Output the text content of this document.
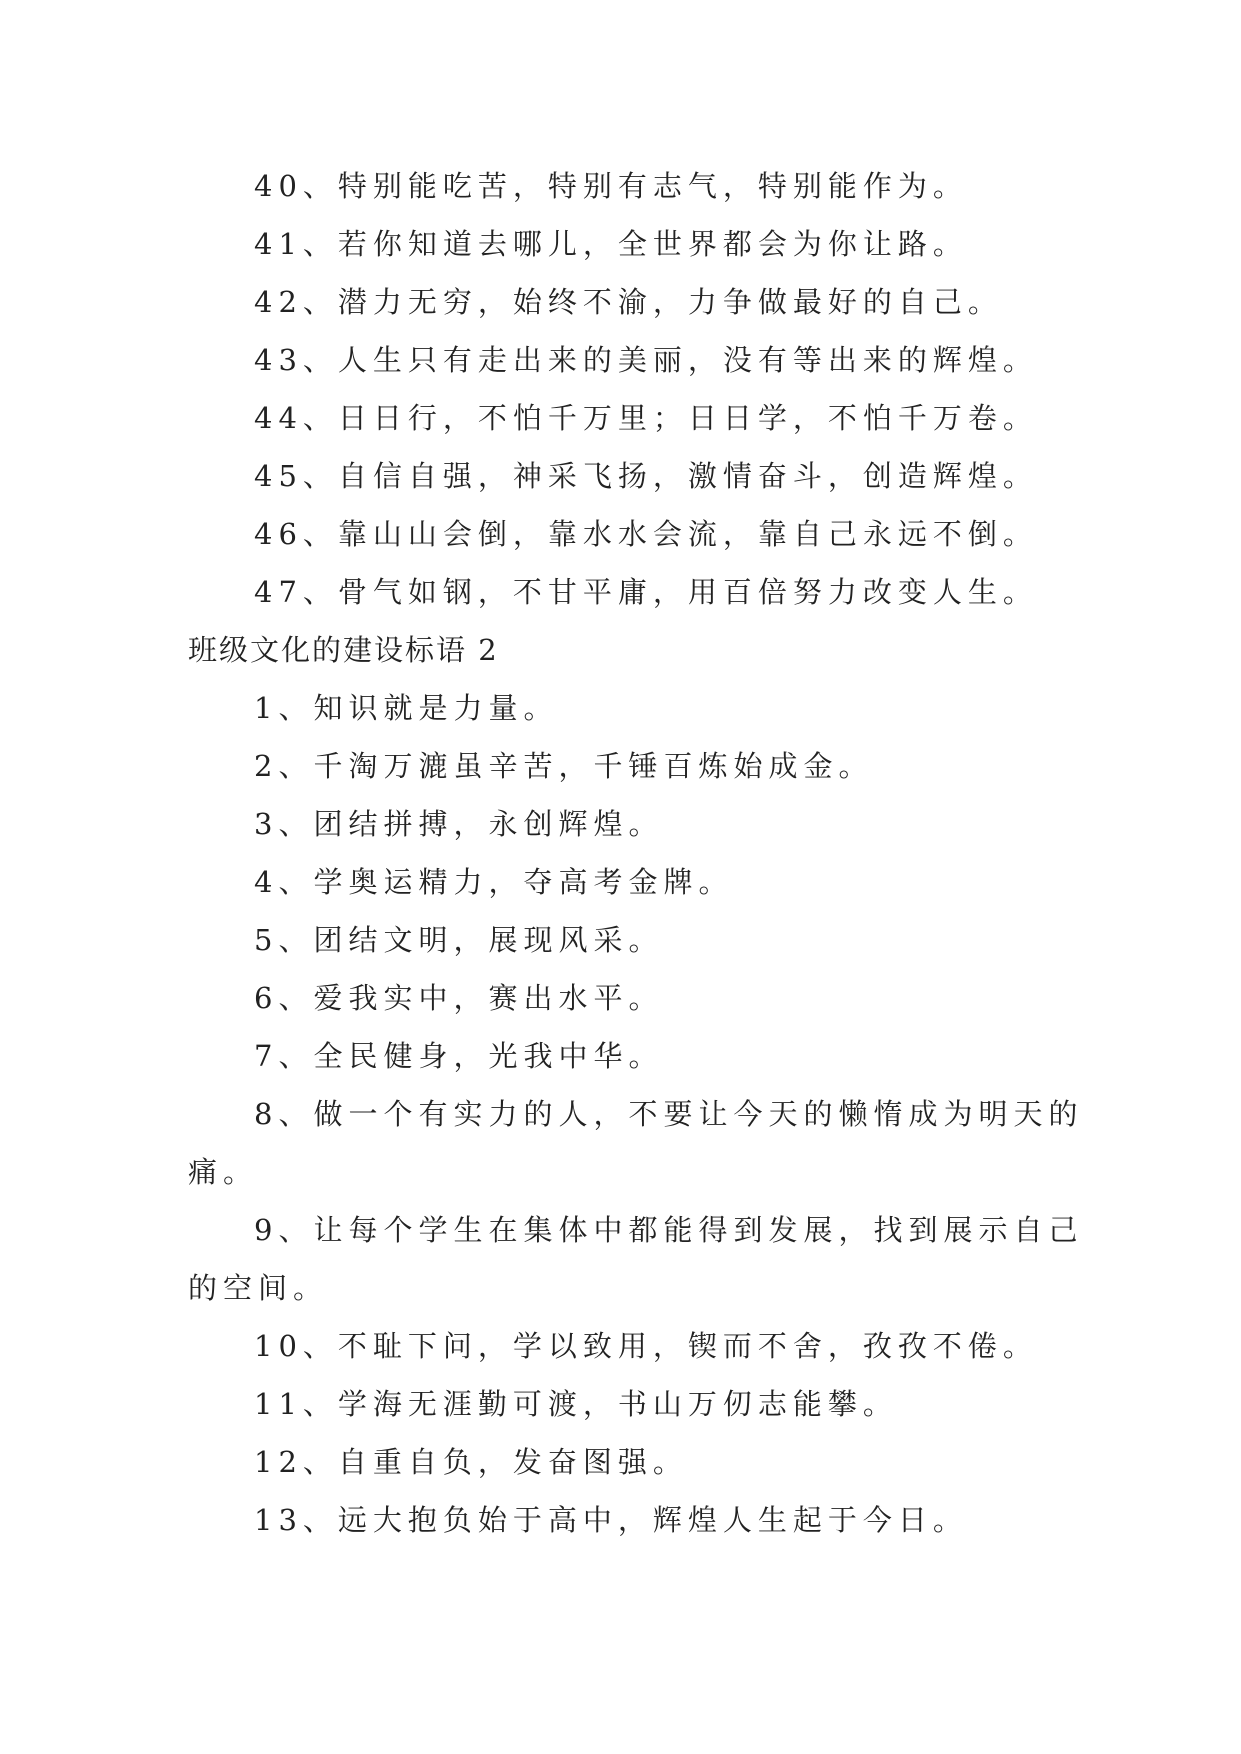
40、特别能吃苦，特别有志气，特别能作为。

41、若你知道去哪儿，全世界都会为你让路。

42、潜力无穷，始终不渝，力争做最好的自己。

43、人生只有走出来的美丽，没有等出来的辉煌。

44、日日行，不怕千万里；日日学，不怕千万卷。

45、自信自强，神采飞扬，激情奋斗，创造辉煌。

46、靠山山会倒，靠水水会流，靠自己永远不倒。

47、骨气如钢，不甘平庸，用百倍努力改变人生。

班级文化的建设标语 2

1、知识就是力量。

2、千淘万漉虽辛苦，千锤百炼始成金。

3、团结拼搏，永创辉煌。

4、学奥运精力，夺高考金牌。

5、团结文明，展现风采。

6、爱我实中，赛出水平。

7、全民健身，光我中华。

8、做一个有实力的人，不要让今天的懒惰成为明天的

痛。

9、让每个学生在集体中都能得到发展，找到展示自己

的空间。

10、不耻下问，学以致用，锲而不舍，孜孜不倦。

11、学海无涯勤可渡，书山万仞志能攀。

12、自重自负，发奋图强。

13、远大抱负始于高中，辉煌人生起于今日。
